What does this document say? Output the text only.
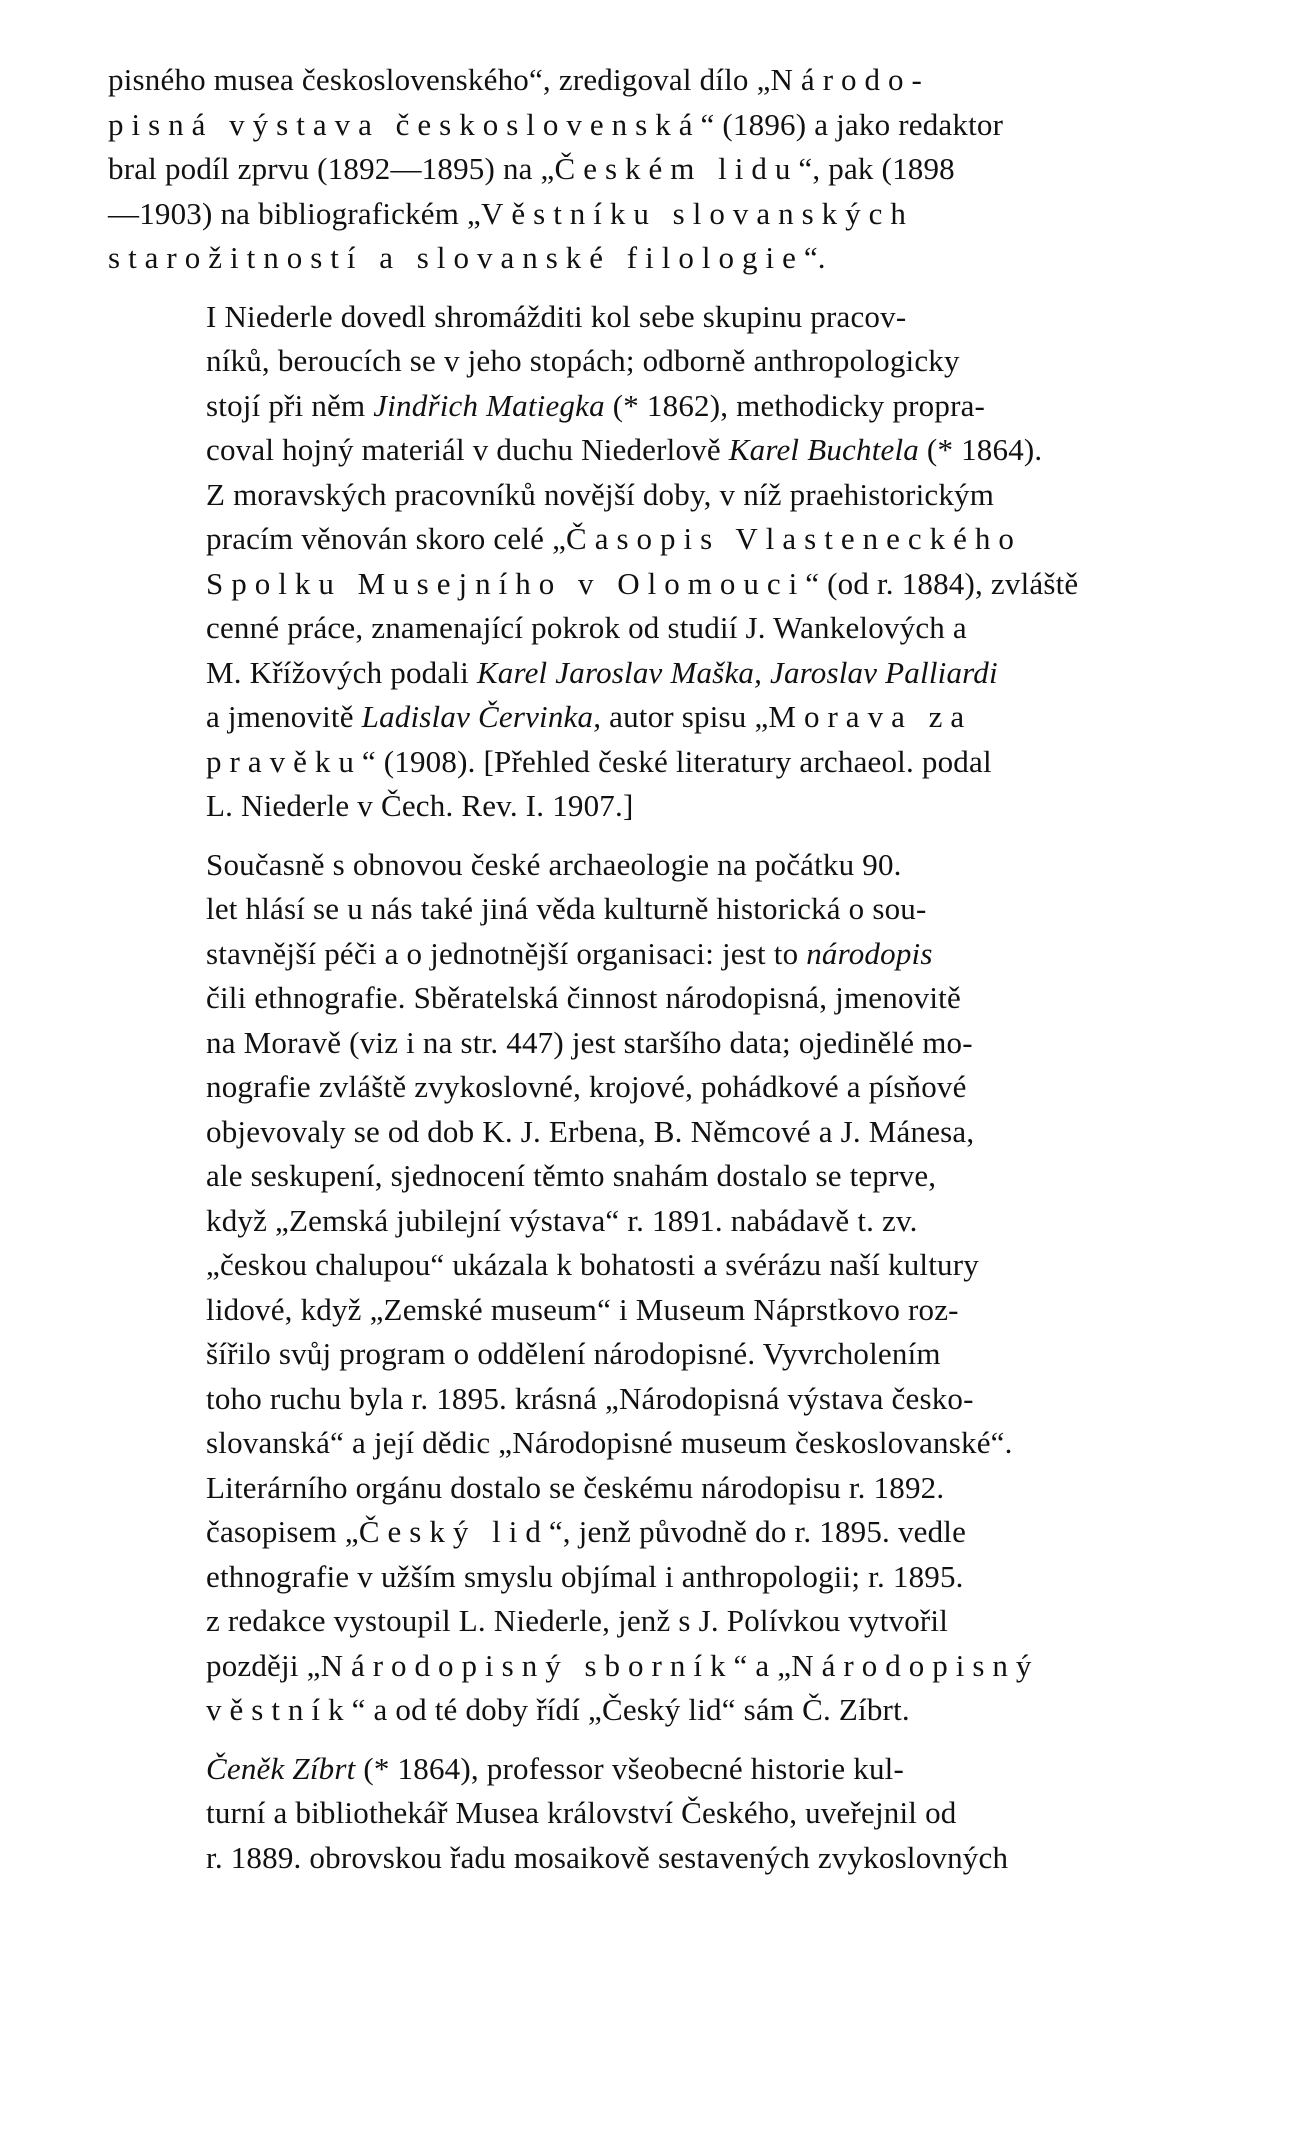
pisného musea československého“, zredigoval dílo „Národo-
pisná výstava československá“ (1896) a jako redaktor
bral podíl zprvu (1892—1895) na „Českém lidu“, pak (1898
—1903) na bibliografickém „Věstníku slovanských
starožitností a slovanské filologie“.

I Niederle dovedl shromážditi kol sebe skupinu pracov-
níků, beroucích se v jeho stopách; odborně anthropologicky
stojí při něm Jindřich Matiegka (* 1862), methodicky propra-
coval hojný materiál v duchu Niederlově Karel Buchtela (* 1864).
Z moravských pracovníků novější doby, v níž praehistorickým
pracím věnován skoro celé „Časopis Vlasteneckého
Spolku Musejního v Olomouci“ (od r. 1884), zvláště
cenné práce, znamenající pokrok od studií J. Wankelových a
M. Křížových podali Karel Jaroslav Maška, Jaroslav Palliardi
a jmenovitě Ladislav Červinka, autor spisu „Morava za
pravěku“ (1908). [Přehled české literatury archaeol. podal
L. Niederle v Čech. Rev. I. 1907.]

Současně s obnovou české archaeologie na počátku 90.
let hlásí se u nás také jiná věda kulturně historická o sou-
stavnější péči a o jednotnější organisaci: jest to národopis
čili ethnografie. Sběratelská činnost národopisná, jmenovitě
na Moravě (viz i na str. 447) jest staršího data; ojedinělé mo-
nografie zvláště zvykoslovné, krojové, pohádkové a písňové
objevovaly se od dob K. J. Erbena, B. Němcové a J. Mánesa,
ale seskupení, sjednocení těmto snahám dostalo se teprve,
když „Zemská jubilejní výstava“ r. 1891. nabádavě t. zv.
„českou chalupou“ ukázala k bohatosti a svérázu naší kultury
lidové, když „Zemské museum“ i Museum Náprstkovo roz-
šířilo svůj program o oddělení národopisné. Vyvrcholením
toho ruchu byla r. 1895. krásná „Národopisná výstava česko-
slovanská“ a její dědic „Národopisné museum českoslovanské“.
Literárního orgánu dostalo se českému národopisu r. 1892.
časopisem „Český lid“, jenž původně do r. 1895. vedle
ethnografie v užším smyslu objímal i anthropologii; r. 1895.
z redakce vystoupil L. Niederle, jenž s J. Polívkou vytvořil
později „Národopisný sborník“ a „Národopisný
věstník“ a od té doby řídí „Český lid“ sám Č. Zíbrt.

Čeněk Zíbrt (* 1864), professor všeobecné historie kul-
turní a bibliothekář Musea království Českého, uveřejnil od
r. 1889. obrovskou řadu mosaikově sestavených zvykoslovných
